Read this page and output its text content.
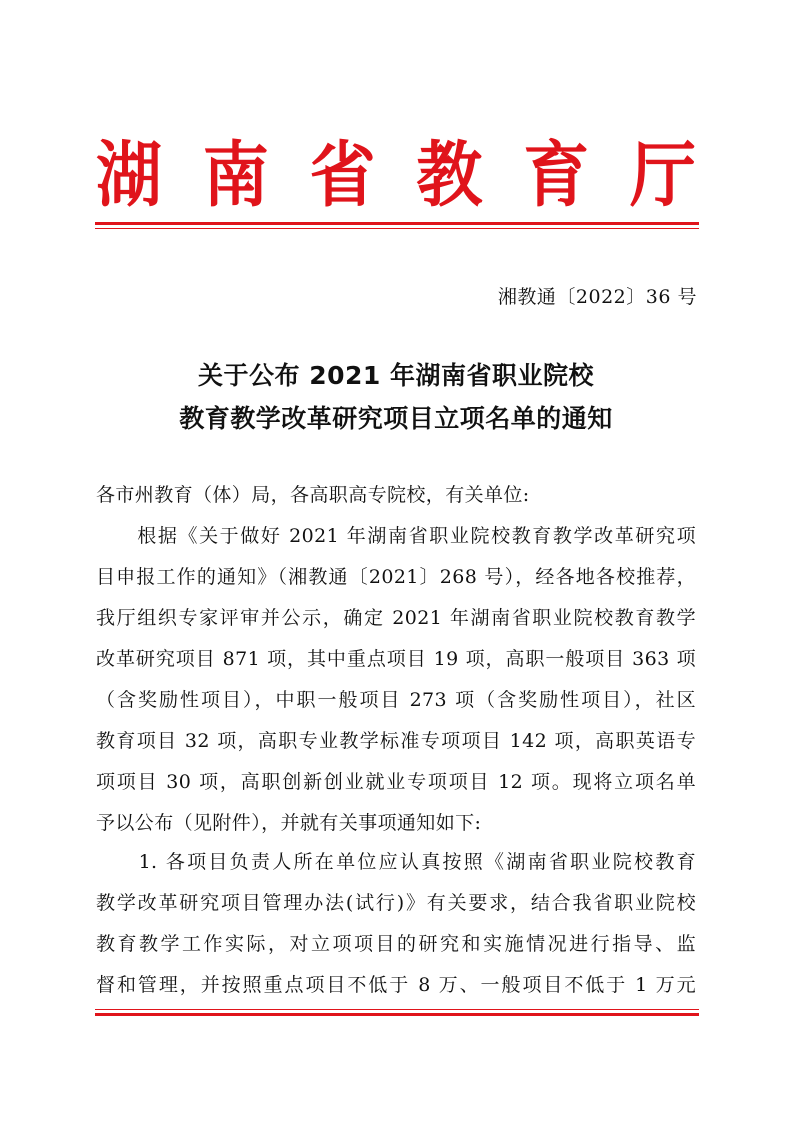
湖 南 省 教 育 厅
湘教通〔2022〕36 号
关于公布 2021 年湖南省职业院校
教育教学改革研究项目立项名单的通知
各市州教育（体）局，各高职高专院校，有关单位:
　　根据《关于做好 2021 年湖南省职业院校教育教学改革研究项
目申报工作的通知》（湘教通〔2021〕268 号），经各地各校推荐，
我厅组织专家评审并公示，确定 2021 年湖南省职业院校教育教学
改革研究项目 871 项，其中重点项目 19 项，高职一般项目 363 项
（含奖励性项目），中职一般项目 273 项（含奖励性项目），社区
教育项目 32 项，高职专业教学标准专项项目 142 项，高职英语专
项项目 30 项，高职创新创业就业专项项目 12 项。现将立项名单
予以公布（见附件），并就有关事项通知如下:
　　1. 各项目负责人所在单位应认真按照《湖南省职业院校教育
教学改革研究项目管理办法(试行)》有关要求，结合我省职业院校
教育教学工作实际，对立项项目的研究和实施情况进行指导、监
督和管理，并按照重点项目不低于 8 万、一般项目不低于 1 万元
